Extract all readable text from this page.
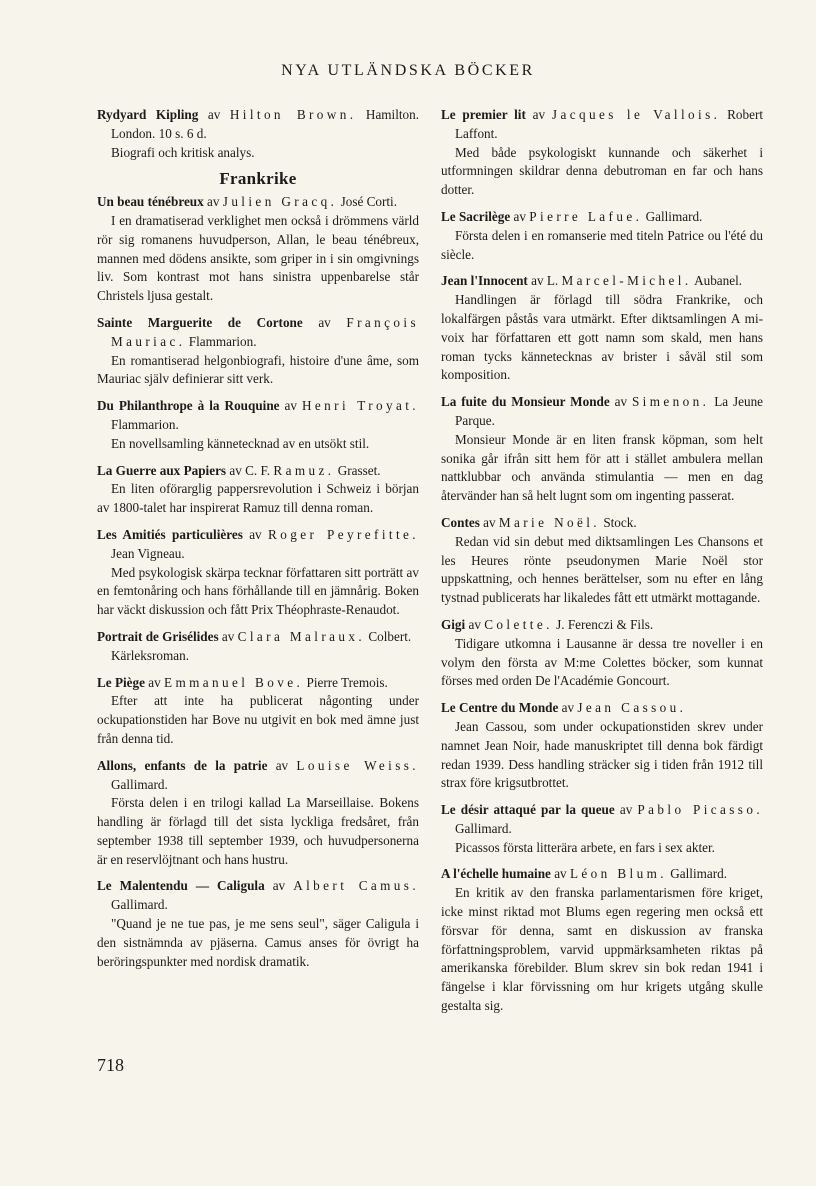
NYA UTLÄNDSKA BÖCKER
Rydyard Kipling av Hilton Brown. Hamilton. London. 10 s. 6 d.
Biografi och kritisk analys.
Frankrike
Un beau ténébreux av Julien Gracq. José Corti.
I en dramatiserad verklighet men också i drömmens värld rör sig romanens huvudperson, Allan, le beau ténébreux, mannen med dödens ansikte, som griper in i sin omgivnings liv. Som kontrast mot hans sinistra uppenbarelse står Christels ljusa gestalt.
Sainte Marguerite de Cortone av François Mauriac. Flammarion.
En romantiserad helgonbiografi, histoire d'une âme, som Mauriac själv definierar sitt verk.
Du Philanthrope à la Rouquine av Henri Troyat. Flammarion.
En novellsamling kännetecknad av en utsökt stil.
La Guerre aux Papiers av C. F. Ramuz. Grasset.
En liten oförarglig pappersrevolution i Schweiz i början av 1800-talet har inspirerat Ramuz till denna roman.
Les Amitiés particulières av Roger Peyrefitte. Jean Vigneau.
Med psykologisk skärpa tecknar författaren sitt porträtt av en femtonåring och hans förhållande till en jämnårig. Boken har väckt diskussion och fått Prix Théophraste-Renaudot.
Portrait de Grisélides av Clara Malraux. Colbert.
Kärleksroman.
Le Piège av Emmanuel Bove. Pierre Tremois.
Efter att inte ha publicerat någonting under ockupationstiden har Bove nu utgivit en bok med ämne just från denna tid.
Allons, enfants de la patrie av Louise Weiss. Gallimard.
Första delen i en trilogi kallad La Marseillaise. Bokens handling är förlagd till det sista lyckliga fredsåret, från september 1938 till september 1939, och huvudpersonerna är en reservlöjtnant och hans hustru.
Le Malentendu — Caligula av Albert Camus. Gallimard.
"Quand je ne tue pas, je me sens seul", säger Caligula i den sistnämnda av pjäserna. Camus anses för övrigt ha beröringspunkter med nordisk dramatik.
Le premier lit av Jacques le Vallois. Robert Laffont.
Med både psykologiskt kunnande och säkerhet i utformningen skildrar denna debutroman en far och hans dotter.
Le Sacrilège av Pierre Lafue. Gallimard.
Första delen i en romanserie med titeln Patrice ou l'été du siècle.
Jean l'Innocent av L. Marcel-Michel. Aubanel.
Handlingen är förlagd till södra Frankrike, och lokalfärgen påstås vara utmärkt. Efter diktsamlingen A mi-voix har författaren ett gott namn som skald, men hans roman tycks kännetecknas av brister i såväl stil som komposition.
La fuite du Monsieur Monde av Simenon. La Jeune Parque.
Monsieur Monde är en liten fransk köpman, som helt sonika går ifrån sitt hem för att i stället ambulera mellan nattklubbar och använda stimulantia — men en dag återvänder han så helt lugnt som om ingenting passerat.
Contes av Marie Noël. Stock.
Redan vid sin debut med diktsamlingen Les Chansons et les Heures rönte pseudonymen Marie Noël stor uppskattning, och hennes berättelser, som nu efter en lång tystnad publicerats har likaledes fått ett utmärkt mottagande.
Gigi av Colette. J. Ferenczi & Fils.
Tidigare utkomna i Lausanne är dessa tre noveller i en volym den första av M:me Colettes böcker, som kunnat förses med orden De l'Académie Goncourt.
Le Centre du Monde av Jean Cassou.
Jean Cassou, som under ockupationstiden skrev under namnet Jean Noir, hade manuskriptet till denna bok färdigt redan 1939. Dess handling sträcker sig i tiden från 1912 till strax före krigsutbrottet.
Le désir attaqué par la queue av Pablo Picasso. Gallimard.
Picassos första litterära arbete, en fars i sex akter.
A l'échelle humaine av Léon Blum. Gallimard.
En kritik av den franska parlamentarismen före kriget, icke minst riktad mot Blums egen regering men också ett försvar för denna, samt en diskussion av franska författningsproblem, varvid uppmärksamheten riktas på amerikanska förebilder. Blum skrev sin bok redan 1941 i fängelse i klar förvissning om hur krigets utgång skulle gestalta sig.
718
